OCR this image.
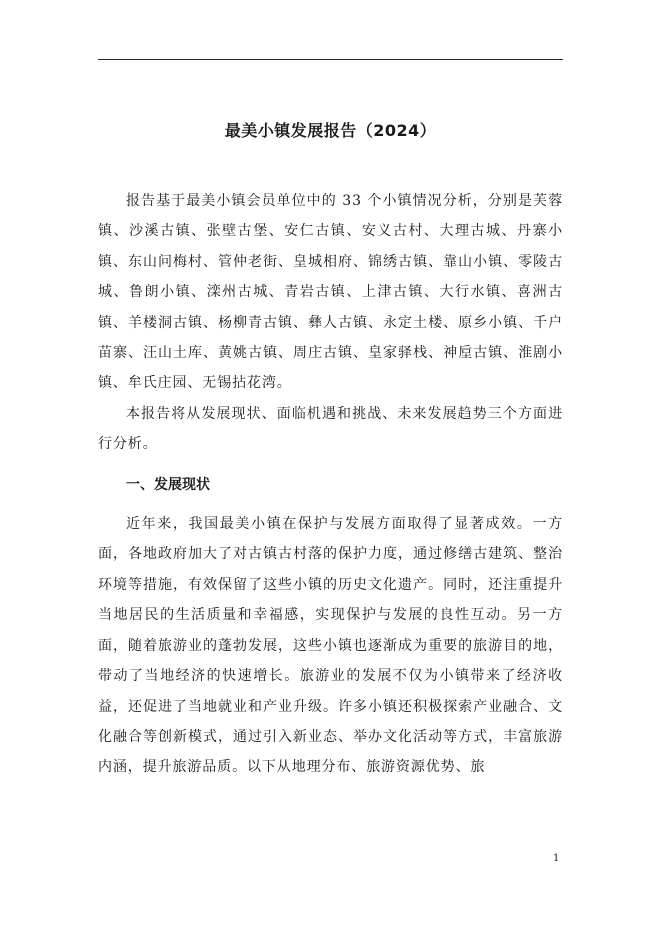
最美小镇发展报告（2024）

报告基于最美小镇会员单位中的 33 个小镇情况分析，分别是芙蓉镇、沙溪古镇、张壁古堡、安仁古镇、安义古村、大理古城、丹寨小镇、东山问梅村、管仲老街、皇城相府、锦绣古镇、靠山小镇、零陵古城、鲁朗小镇、滦州古城、青岩古镇、上津古镇、大行水镇、喜洲古镇、羊楼洞古镇、杨柳青古镇、彝人古镇、永定土楼、原乡小镇、千户苗寨、汪山土库、黄姚古镇、周庄古镇、皇家驿栈、神垕古镇、淮剧小镇、牟氏庄园、无锡拈花湾。

本报告将从发展现状、面临机遇和挑战、未来发展趋势三个方面进行分析。

一、发展现状

近年来，我国最美小镇在保护与发展方面取得了显著成效。一方面，各地政府加大了对古镇古村落的保护力度，通过修缮古建筑、整治环境等措施，有效保留了这些小镇的历史文化遗产。同时，还注重提升当地居民的生活质量和幸福感，实现保护与发展的良性互动。另一方面，随着旅游业的蓬勃发展，这些小镇也逐渐成为重要的旅游目的地，带动了当地经济的快速增长。旅游业的发展不仅为小镇带来了经济收益，还促进了当地就业和产业升级。许多小镇还积极探索产业融合、文化融合等创新模式，通过引入新业态、举办文化活动等方式，丰富旅游内涵，提升旅游品质。以下从地理分布、旅游资源优势、旅

1
